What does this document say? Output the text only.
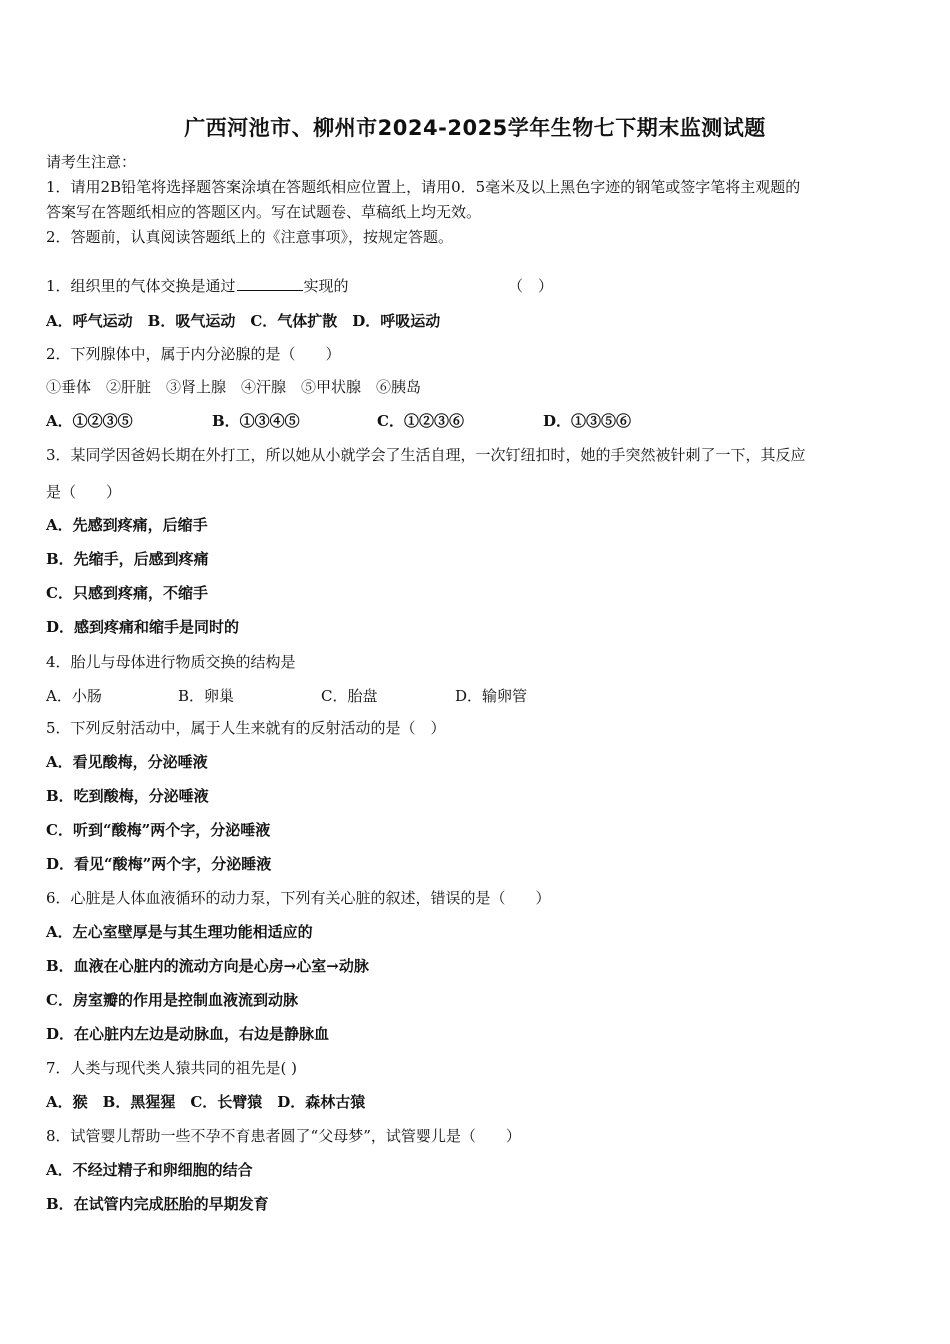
广西河池市、柳州市2024-2025学年生物七下期末监测试题
请考生注意：
1．请用2B铅笔将选择题答案涂填在答题纸相应位置上，请用0．5毫米及以上黑色字迹的钢笔或签字笔将主观题的
答案写在答题纸相应的答题区内。写在试题卷、草稿纸上均无效。
2．答题前，认真阅读答题纸上的《注意事项》，按规定答题。
1．组织里的气体交换是通过	实现的	（　）
A．呼气运动　B．吸气运动　C．气体扩散　D．呼吸运动
2．下列腺体中，属于内分泌腺的是（　　）
①垂体　②肝脏　③肾上腺　④汗腺　⑤甲状腺　⑥胰岛
A．①②③⑤	B．①③④⑤	C．①②③⑥	D．①③⑤⑥
3．某同学因爸妈长期在外打工，所以她从小就学会了生活自理，一次钉纽扣时，她的手突然被针刺了一下，其反应
是（　　）
A．先感到疼痛，后缩手
B．先缩手，后感到疼痛
C．只感到疼痛，不缩手
D．感到疼痛和缩手是同时的
4．胎儿与母体进行物质交换的结构是
A．小肠	B．卵巢	C．胎盘	D．输卵管
5．下列反射活动中，属于人生来就有的反射活动的是（　）
A．看见酸梅，分泌唾液
B．吃到酸梅，分泌唾液
C．听到“酸梅”两个字，分泌唾液
D．看见“酸梅”两个字，分泌睡液
6．心脏是人体血液循环的动力泵，下列有关心脏的叙述，错误的是（　　）
A．左心室壁厚是与其生理功能相适应的
B．血液在心脏内的流动方向是心房→心室→动脉
C．房室瓣的作用是控制血液流到动脉
D．在心脏内左边是动脉血，右边是静脉血
7．人类与现代类人猿共同的祖先是( )
A．猴　B．黑猩猩　C．长臂猿　D．森林古猿
8．试管婴儿帮助一些不孕不育患者圆了“父母梦”，试管婴儿是（　　）
A．不经过精子和卵细胞的结合
B．在试管内完成胚胎的早期发育
